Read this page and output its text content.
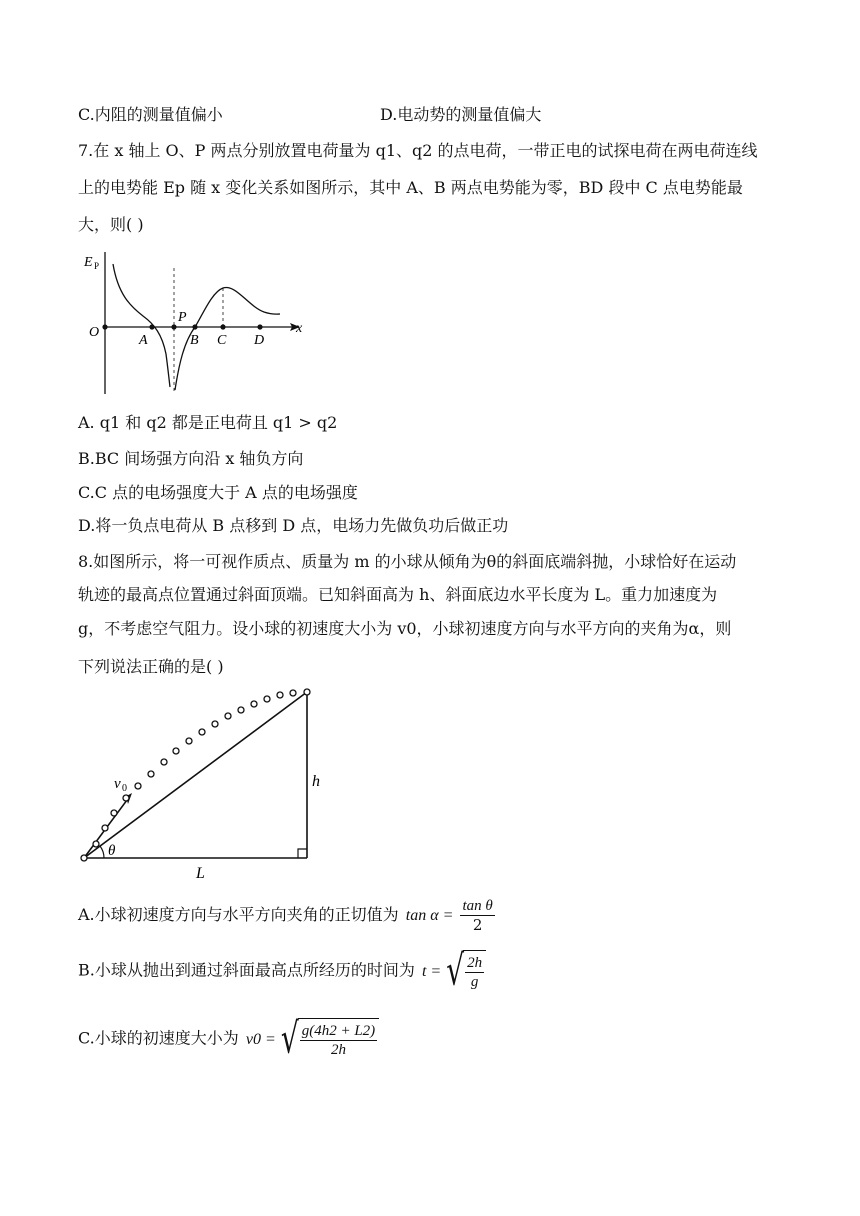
C.内阻的测量值偏小	D.电动势的测量值偏大
7.在 x 轴上 O、P 两点分别放置电荷量为 q1、q2 的点电荷，一带正电的试探电荷在两电荷连线
上的电势能 Ep 随 x 变化关系如图所示，其中 A、B 两点电势能为零，BD 段中 C 点电势能最
大，则( )
E P
x
O
A
P
B C D
A. q1 和 q2 都是正电荷且 q1 > q2
B.BC 间场强方向沿 x 轴负方向
C.C 点的电场强度大于 A 点的电场强度
D.将一负点电荷从 B 点移到 D 点，电场力先做负功后做正功
8.如图所示，将一可视作质点、质量为 m 的小球从倾角为θ的斜面底端斜抛，小球恰好在运动
轨迹的最高点位置通过斜面顶端。已知斜面高为 h、斜面底边水平长度为 L。重力加速度为
g，不考虑空气阻力。设小球的初速度大小为 v0，小球初速度方向与水平方向的夹角为α，则
下列说法正确的是( )
h
L
θ
v 0
A.小球初速度方向与水平方向夹角的正切值为 $\tan \alpha = \frac{\text{tan θ}}{2}$
B.小球从抛出到通过斜面最高点所经历的时间为 t = √ $\frac{2h}{g}$
C.小球的初速度大小为 v0 = √ $\frac{g(4h2 + L2)}{2h}$
